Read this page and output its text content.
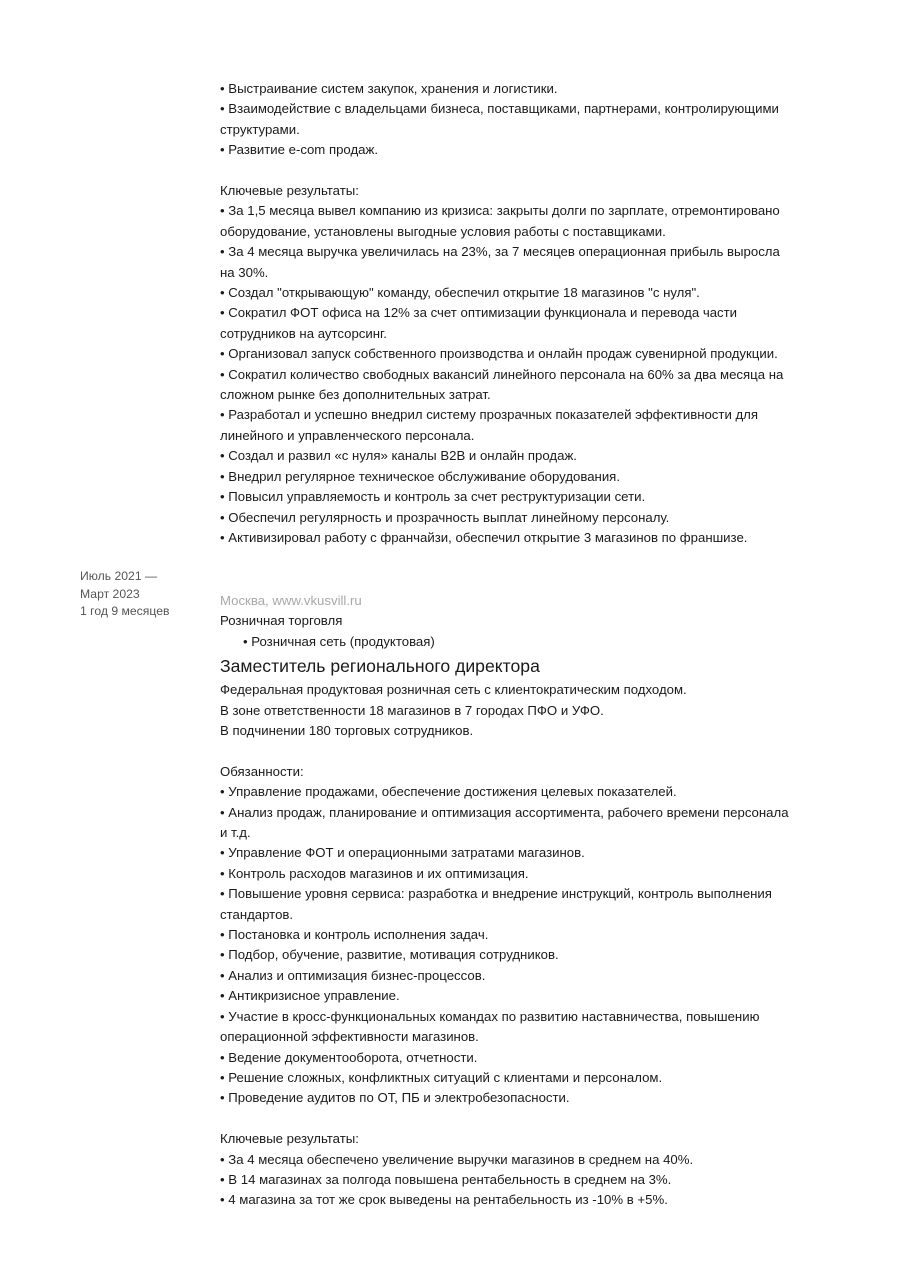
• Выстраивание систем закупок, хранения и логистики.

• Взаимодействие с владельцами бизнеса, поставщиками, партнерами, контролирующими

структурами.

• Развитие e-com продаж.

Ключевые результаты:

• За 1,5 месяца вывел компанию из кризиса: закрыты долги по зарплате, отремонтировано

оборудование, установлены выгодные условия работы с поставщиками.

• За 4 месяца выручка увеличилась на 23%, за 7 месяцев операционная прибыль выросла

на 30%.

• Создал "открывающую" команду, обеспечил открытие 18 магазинов "с нуля".

• Сократил ФОТ офиса на 12% за счет оптимизации функционала и перевода части

сотрудников на аутсорсинг.

• Организовал запуск собственного производства и онлайн продаж сувенирной продукции.

• Сократил количество свободных вакансий линейного персонала на 60% за два месяца на

сложном рынке без дополнительных затрат.

• Разработал и успешно внедрил систему прозрачных показателей эффективности для

линейного и управленческого персонала.

• Создал и развил «с нуля» каналы B2B и онлайн продаж.

• Внедрил регулярное техническое обслуживание оборудования.

• Повысил управляемость и контроль за счет реструктуризации сети.

• Обеспечил регулярность и прозрачность выплат линейному персоналу.

• Активизировал работу с франчайзи, обеспечил открытие 3 магазинов по франшизе.

Июль 2021 —
Март 2023
1 год 9 месяцев
Москва, www.vkusvill.ru

Розничная торговля

• Розничная сеть (продуктовая)

Заместитель регионального директора

Федеральная продуктовая розничная сеть с клиентократическим подходом.

В зоне ответственности 18 магазинов в 7 городах ПФО и УФО.

В подчинении 180 торговых сотрудников.

Обязанности:

• Управление продажами, обеспечение достижения целевых показателей.

• Анализ продаж, планирование и оптимизация ассортимента, рабочего времени персонала

и т.д.

• Управление ФОТ и операционными затратами магазинов.

• Контроль расходов магазинов и их оптимизация.

• Повышение уровня сервиса: разработка и внедрение инструкций, контроль выполнения

стандартов.

• Постановка и контроль исполнения задач.

• Подбор, обучение, развитие, мотивация сотрудников.

• Анализ и оптимизация бизнес-процессов.

• Антикризисное управление.

• Участие в кросс-функциональных командах по развитию наставничества, повышению

операционной эффективности магазинов.

• Ведение документооборота, отчетности.

• Решение сложных, конфликтных ситуаций с клиентами и персоналом.

• Проведение аудитов по ОТ, ПБ и электробезопасности.

Ключевые результаты:

• За 4 месяца обеспечено увеличение выручки магазинов в среднем на 40%.

• В 14 магазинах за полгода повышена рентабельность в среднем на 3%.

• 4 магазина за тот же срок выведены на рентабельность из -10% в +5%.
